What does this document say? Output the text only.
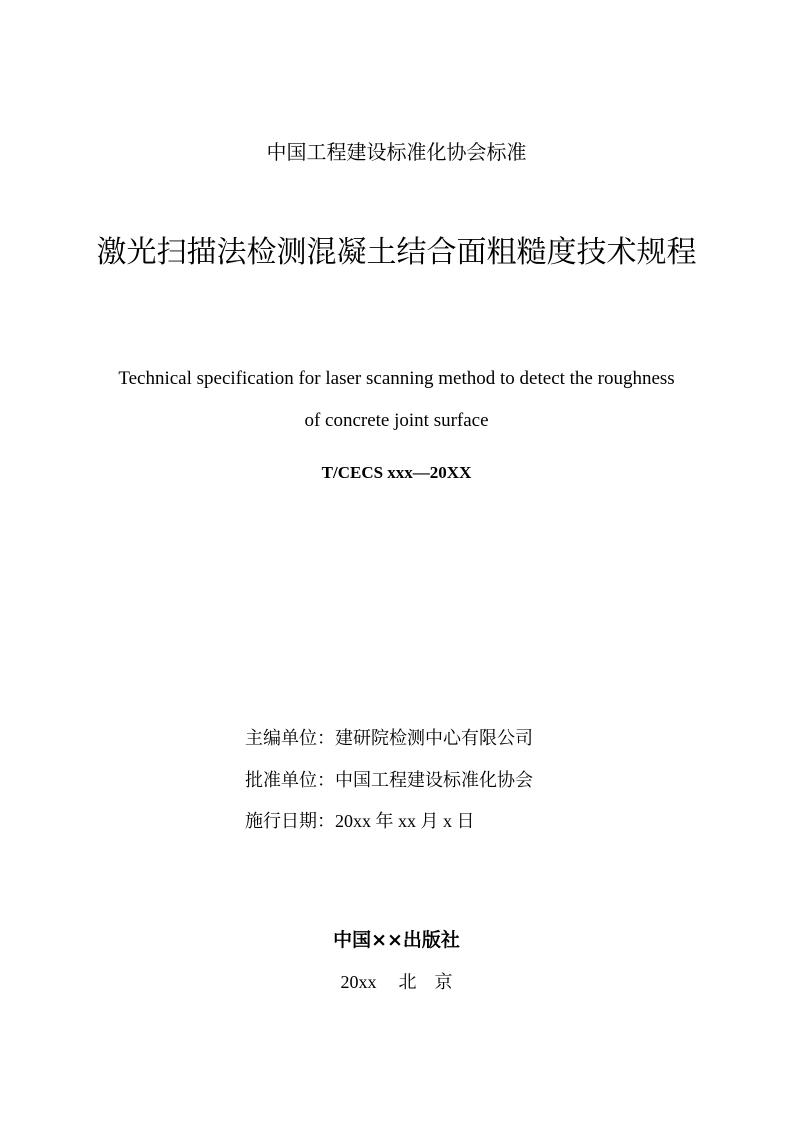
中国工程建设标准化协会标准
激光扫描法检测混凝土结合面粗糙度技术规程
Technical specification for laser scanning method to detect the roughness
of concrete joint surface
T/CECS xxx—20XX
主编单位：建研院检测中心有限公司
批准单位：中国工程建设标准化协会
施行日期：20xx 年 xx 月 x 日
中国××出版社
20xx 北 京
